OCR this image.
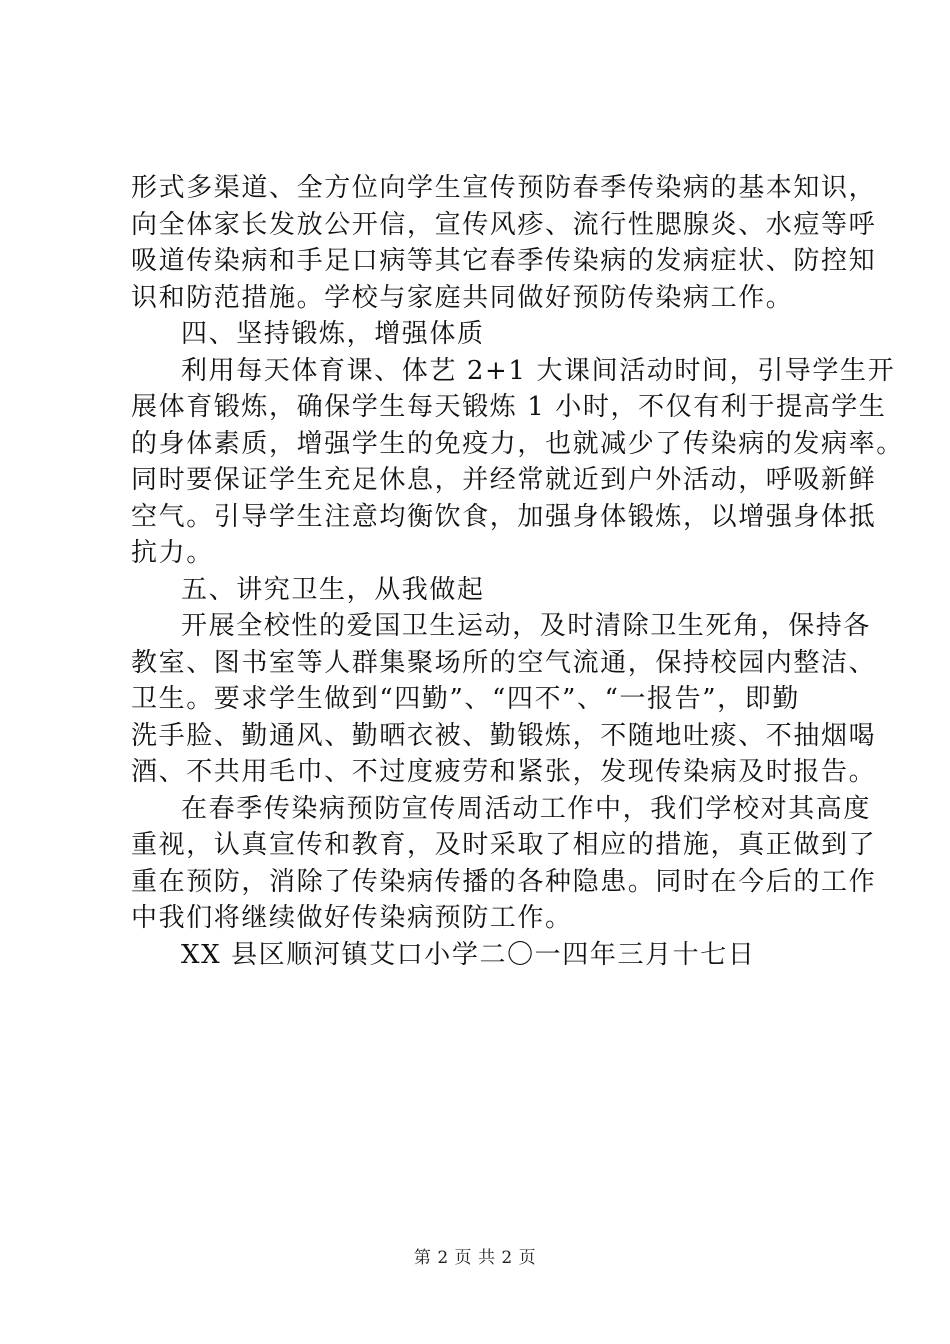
形式多渠道、全方位向学生宣传预防春季传染病的基本知识，
向全体家长发放公开信，宣传风疹、流行性腮腺炎、水痘等呼
吸道传染病和手足口病等其它春季传染病的发病症状、防控知
识和防范措施。学校与家庭共同做好预防传染病工作。
四、坚持锻炼，增强体质
利用每天体育课、体艺 2+1 大课间活动时间，引导学生开
展体育锻炼，确保学生每天锻炼 1 小时，不仅有利于提高学生
的身体素质，增强学生的免疫力，也就减少了传染病的发病率。
同时要保证学生充足休息，并经常就近到户外活动，呼吸新鲜
空气。引导学生注意均衡饮食，加强身体锻炼，以增强身体抵
抗力。
五、讲究卫生，从我做起
开展全校性的爱国卫生运动，及时清除卫生死角，保持各
教室、图书室等人群集聚场所的空气流通，保持校园内整洁、
卫生。要求学生做到“四勤”、“四不”、“一报告”，即勤
洗手脸、勤通风、勤晒衣被、勤锻炼，不随地吐痰、不抽烟喝
酒、不共用毛巾、不过度疲劳和紧张，发现传染病及时报告。
在春季传染病预防宣传周活动工作中，我们学校对其高度
重视，认真宣传和教育，及时采取了相应的措施，真正做到了
重在预防，消除了传染病传播的各种隐患。同时在今后的工作
中我们将继续做好传染病预防工作。
XX 县区顺河镇艾口小学二〇一四年三月十七日
第 2 页 共 2 页
